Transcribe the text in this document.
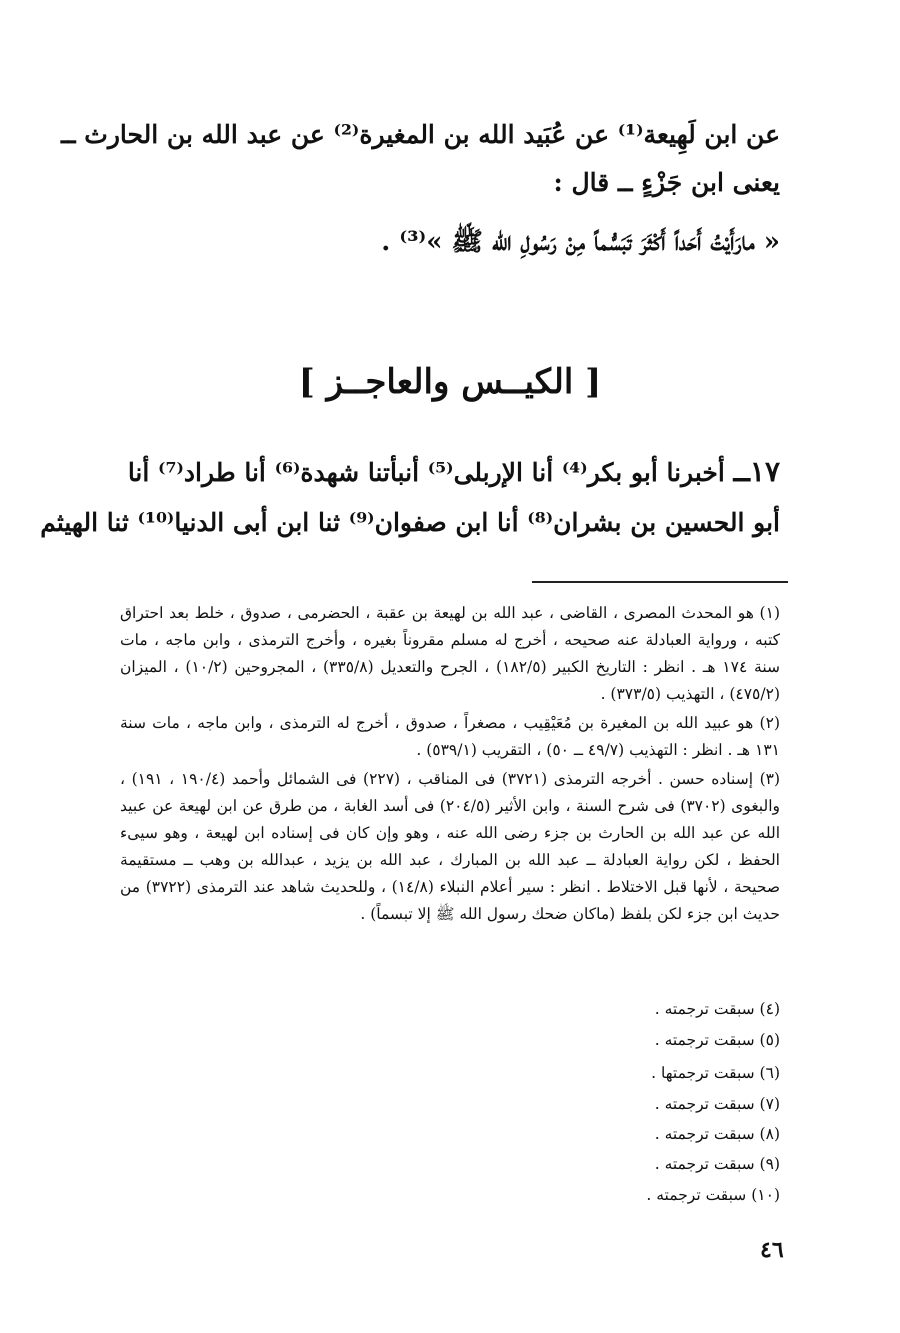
عن ابن لَهِيعة⁽¹⁾ عن عُبَيد الله بن المغيرة⁽²⁾ عن عبد الله بن الحارث ــ
يعنى ابن جَزْءٍ ــ قال :
« مارَأَيْتُ أَحَداً أَكْثَرَ تَبَسُّماً مِنْ رَسُولِ الله ﷺ »⁽³⁾ .
[ الكيــس والعاجــز ]
١٧ــ أخبرنا أبو بكر⁽⁴⁾ أنا الإربلى⁽⁵⁾ أنبأتنا شهدة⁽⁶⁾ أنا طراد⁽⁷⁾ أنا
أبو الحسين بن بشران⁽⁸⁾ أنا ابن صفوان⁽⁹⁾ ثنا ابن أبى الدنيا⁽¹⁰⁾ ثنا الهيثم

(١) هو المحدث المصرى ، القاضى ، عبد الله بن لهيعة بن عقبة ، الحضرمى ، صدوق ، خلط بعد احتراق كتبه ، ورواية العبادلة عنه صحيحه ، أخرج له مسلم مقروناً بغيره ، وأخرج الترمذى ، وابن ماجه ، مات سنة ١٧٤ هـ . انظر : التاريخ الكبير (١٨٢/٥) ، الجرح والتعديل (٣٣٥/٨) ، المجروحين (١٠/٢) ، الميزان (٤٧٥/٢) ، التهذيب (٣٧٣/٥) .

(٢) هو عبيد الله بن المغيرة بن مُعَيْقِيب ، مصغراً ، صدوق ، أخرج له الترمذى ، وابن ماجه ، مات سنة ١٣١ هـ . انظر : التهذيب (٤٩/٧ ــ ٥٠) ، التقريب (٥٣٩/١) .

(٣) إسناده حسن . أخرجه الترمذى (٣٧٢١) فى المناقب ، (٢٢٧) فى الشمائل وأحمد (١٩٠/٤ ، ١٩١) ، والبغوى (٣٧٠٢) فى شرح السنة ، وابن الأثير (٢٠٤/٥) فى أسد الغابة ، من طرق عن ابن لهيعة عن عبيد الله عن عبد الله بن الحارث بن جزء رضى الله عنه ، وهو وإن كان فى إسناده ابن لهيعة ، وهو سيىء الحفظ ، لكن رواية العبادلة ــ عبد الله بن المبارك ، عبد الله بن يزيد ، عبدالله بن وهب ــ مستقيمة صحيحة ، لأنها قبل الاختلاط . انظر : سير أعلام النبلاء (١٤/٨) ، وللحديث شاهد عند الترمذى (٣٧٢٢) من حديث ابن جزء لكن بلفظ (ماكان ضحك رسول الله ﷺ إلا تبسماً) .

(٤) سبقت ترجمته .
(٥) سبقت ترجمته .
(٦) سبقت ترجمتها .
(٧) سبقت ترجمته .
(٨) سبقت ترجمته .
(٩) سبقت ترجمته .
(١٠) سبقت ترجمته .
٤٦
